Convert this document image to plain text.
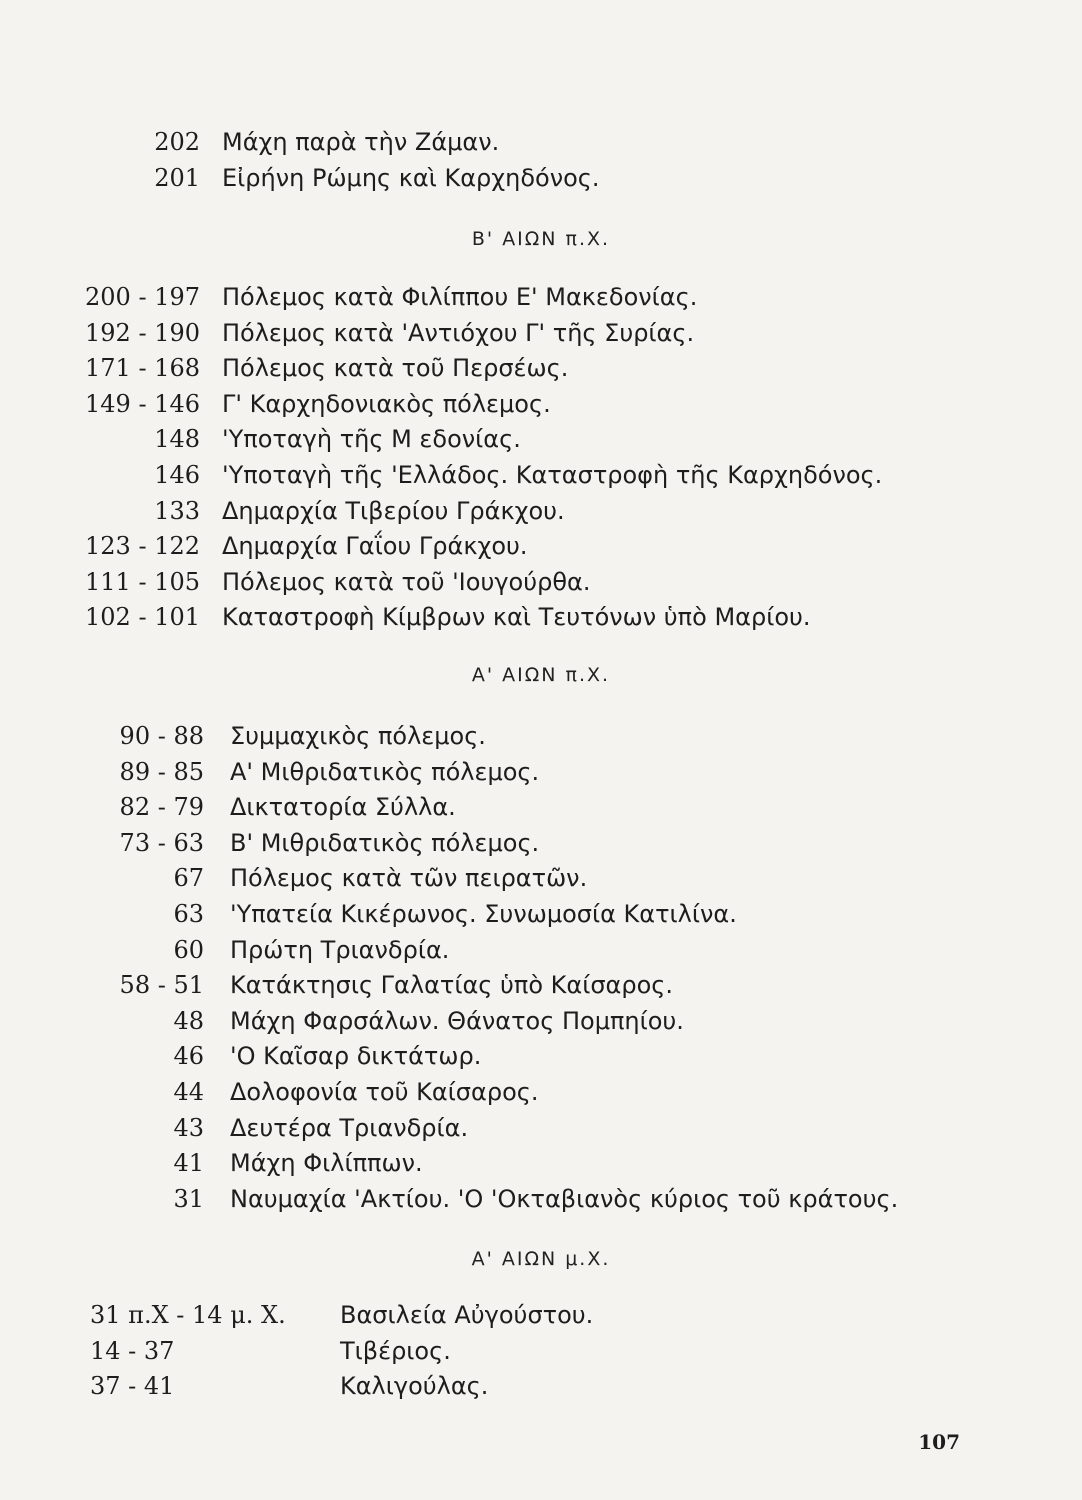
202 Μάχη παρὰ τὴν Ζάμαν.
201 Εἰρήνη Ρώμης καὶ Καρχηδόνος.
Β' ΑΙΩΝ π.Χ.
200 - 197 Πόλεμος κατὰ Φιλίππου Ε' Μακεδονίας.
192 - 190 Πόλεμος κατὰ 'Αντιόχου Γ' τῆς Συρίας.
171 - 168 Πόλεμος κατὰ τοῦ Περσέως.
149 - 146 Γ' Καρχηδονιακὸς πόλεμος.
148 'Υποταγὴ τῆς Μ εδονίας.
146 'Υποταγὴ τῆς 'Ελλάδος. Καταστροφὴ τῆς Καρχηδόνος.
133 Δημαρχία Τιβερίου Γράκχου.
123 - 122 Δημαρχία Γαΐου Γράκχου.
111 - 105 Πόλεμος κατὰ τοῦ 'Ιουγούρθα.
102 - 101 Καταστροφὴ Κίμβρων καὶ Τευτόνων ὑπὸ Μαρίου.
Α' ΑΙΩΝ π.Χ.
90 - 88 Συμμαχικὸς πόλεμος.
89 - 85 Α' Μιθριδατικὸς πόλεμος.
82 - 79 Δικτατορία Σύλλα.
73 - 63 Β' Μιθριδατικὸς πόλεμος.
67 Πόλεμος κατὰ τῶν πειρατῶν.
63 'Υπατεία Κικέρωνος. Συνωμοσία Κατιλίνα.
60 Πρώτη Τριανδρία.
58 - 51 Κατάκτησις Γαλατίας ὑπὸ Καίσαρος.
48 Μάχη Φαρσάλων. Θάνατος Πομπηίου.
46 'Ο Καῖσαρ δικτάτωρ.
44 Δολοφονία τοῦ Καίσαρος.
43 Δευτέρα Τριανδρία.
41 Μάχη Φιλίππων.
31 Ναυμαχία 'Ακτίου. 'Ο 'Οκταβιανὸς κύριος τοῦ κράτους.
Α' ΑΙΩΝ μ.Χ.
31 π.Χ - 14 μ. Χ.	Βασιλεία Αὐγούστου.
14 - 37	Τιβέριος.
37 - 41	Καλιγούλας.
107
